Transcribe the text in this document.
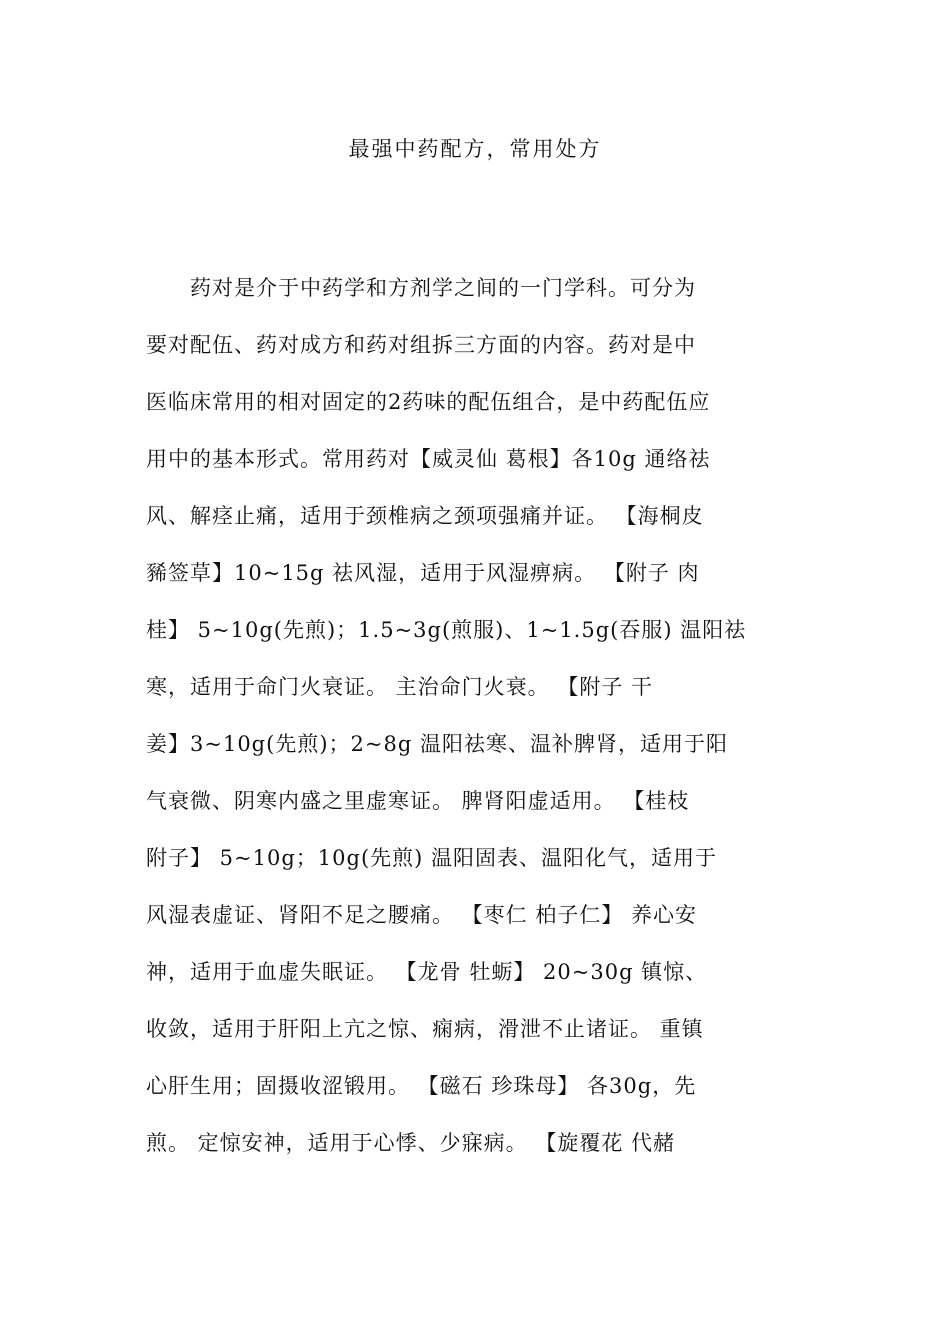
最强中药配方，常用处方
　　药对是介于中药学和方剂学之间的一门学科。可分为
要对配伍、药对成方和药对组拆三方面的内容。药对是中
医临床常用的相对固定的2药味的配伍组合，是中药配伍应
用中的基本形式。常用药对【威灵仙 葛根】各10g 通络祛
风、解痉止痛，适用于颈椎病之颈项强痛并证。 【海桐皮
豨签草】10~15g 祛风湿，适用于风湿痹病。 【附子 肉
桂】 5~10g(先煎)；1.5~3g(煎服)、1~1.5g(吞服) 温阳祛
寒，适用于命门火衰证。 主治命门火衰。 【附子 干
姜】3~10g(先煎)；2~8g 温阳祛寒、温补脾肾，适用于阳
气衰微、阴寒内盛之里虚寒证。 脾肾阳虚适用。 【桂枝
附子】 5~10g；10g(先煎) 温阳固表、温阳化气，适用于
风湿表虚证、肾阳不足之腰痛。 【枣仁 柏子仁】 养心安
神，适用于血虚失眠证。 【龙骨 牡蛎】 20~30g 镇惊、
收敛，适用于肝阳上亢之惊、痫病，滑泄不止诸证。 重镇
心肝生用；固摄收涩锻用。 【磁石 珍珠母】 各30g，先
煎。 定惊安神，适用于心悸、少寐病。 【旋覆花 代赭
